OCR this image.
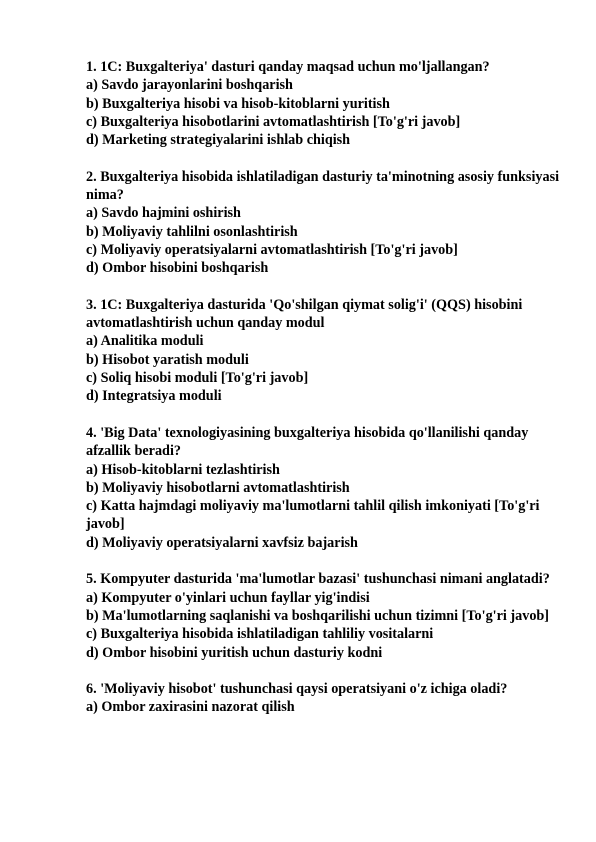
1. 1C: Buxgalteriya' dasturi qanday maqsad uchun mo'ljallangan?
a) Savdo jarayonlarini boshqarish
b) Buxgalteriya hisobi va hisob-kitoblarni yuritish
c) Buxgalteriya hisobotlarini avtomatlashtirish [To'g'ri javob]
d) Marketing strategiyalarini ishlab chiqish
2. Buxgalteriya hisobida ishlatiladigan dasturiy ta'minotning asosiy funksiyasi nima?
a) Savdo hajmini oshirish
b) Moliyaviy tahlilni osonlashtirish
c) Moliyaviy operatsiyalarni avtomatlashtirish [To'g'ri javob]
d) Ombor hisobini boshqarish
3. 1C: Buxgalteriya dasturida 'Qo'shilgan qiymat solig'i' (QQS) hisobini avtomatlashtirish uchun qanday modul
a) Analitika moduli
b) Hisobot yaratish moduli
c) Soliq hisobi moduli [To'g'ri javob]
d) Integratsiya moduli
4. 'Big Data' texnologiyasining buxgalteriya hisobida qo'llanilishi qanday afzallik beradi?
a) Hisob-kitoblarni tezlashtirish
b) Moliyaviy hisobotlarni avtomatlashtirish
c) Katta hajmdagi moliyaviy ma'lumotlarni tahlil qilish imkoniyati [To'g'ri javob]
d) Moliyaviy operatsiyalarni xavfsiz bajarish
5. Kompyuter dasturida 'ma'lumotlar bazasi' tushunchasi nimani anglatadi?
a) Kompyuter o'yinlari uchun fayllar yig'indisi
b) Ma'lumotlarning saqlanishi va boshqarilishi uchun tizimni [To'g'ri javob]
c) Buxgalteriya hisobida ishlatiladigan tahliliy vositalarni
d) Ombor hisobini yuritish uchun dasturiy kodni
6. 'Moliyaviy hisobot' tushunchasi qaysi operatsiyani o'z ichiga oladi?
a) Ombor zaxirasini nazorat qilish
